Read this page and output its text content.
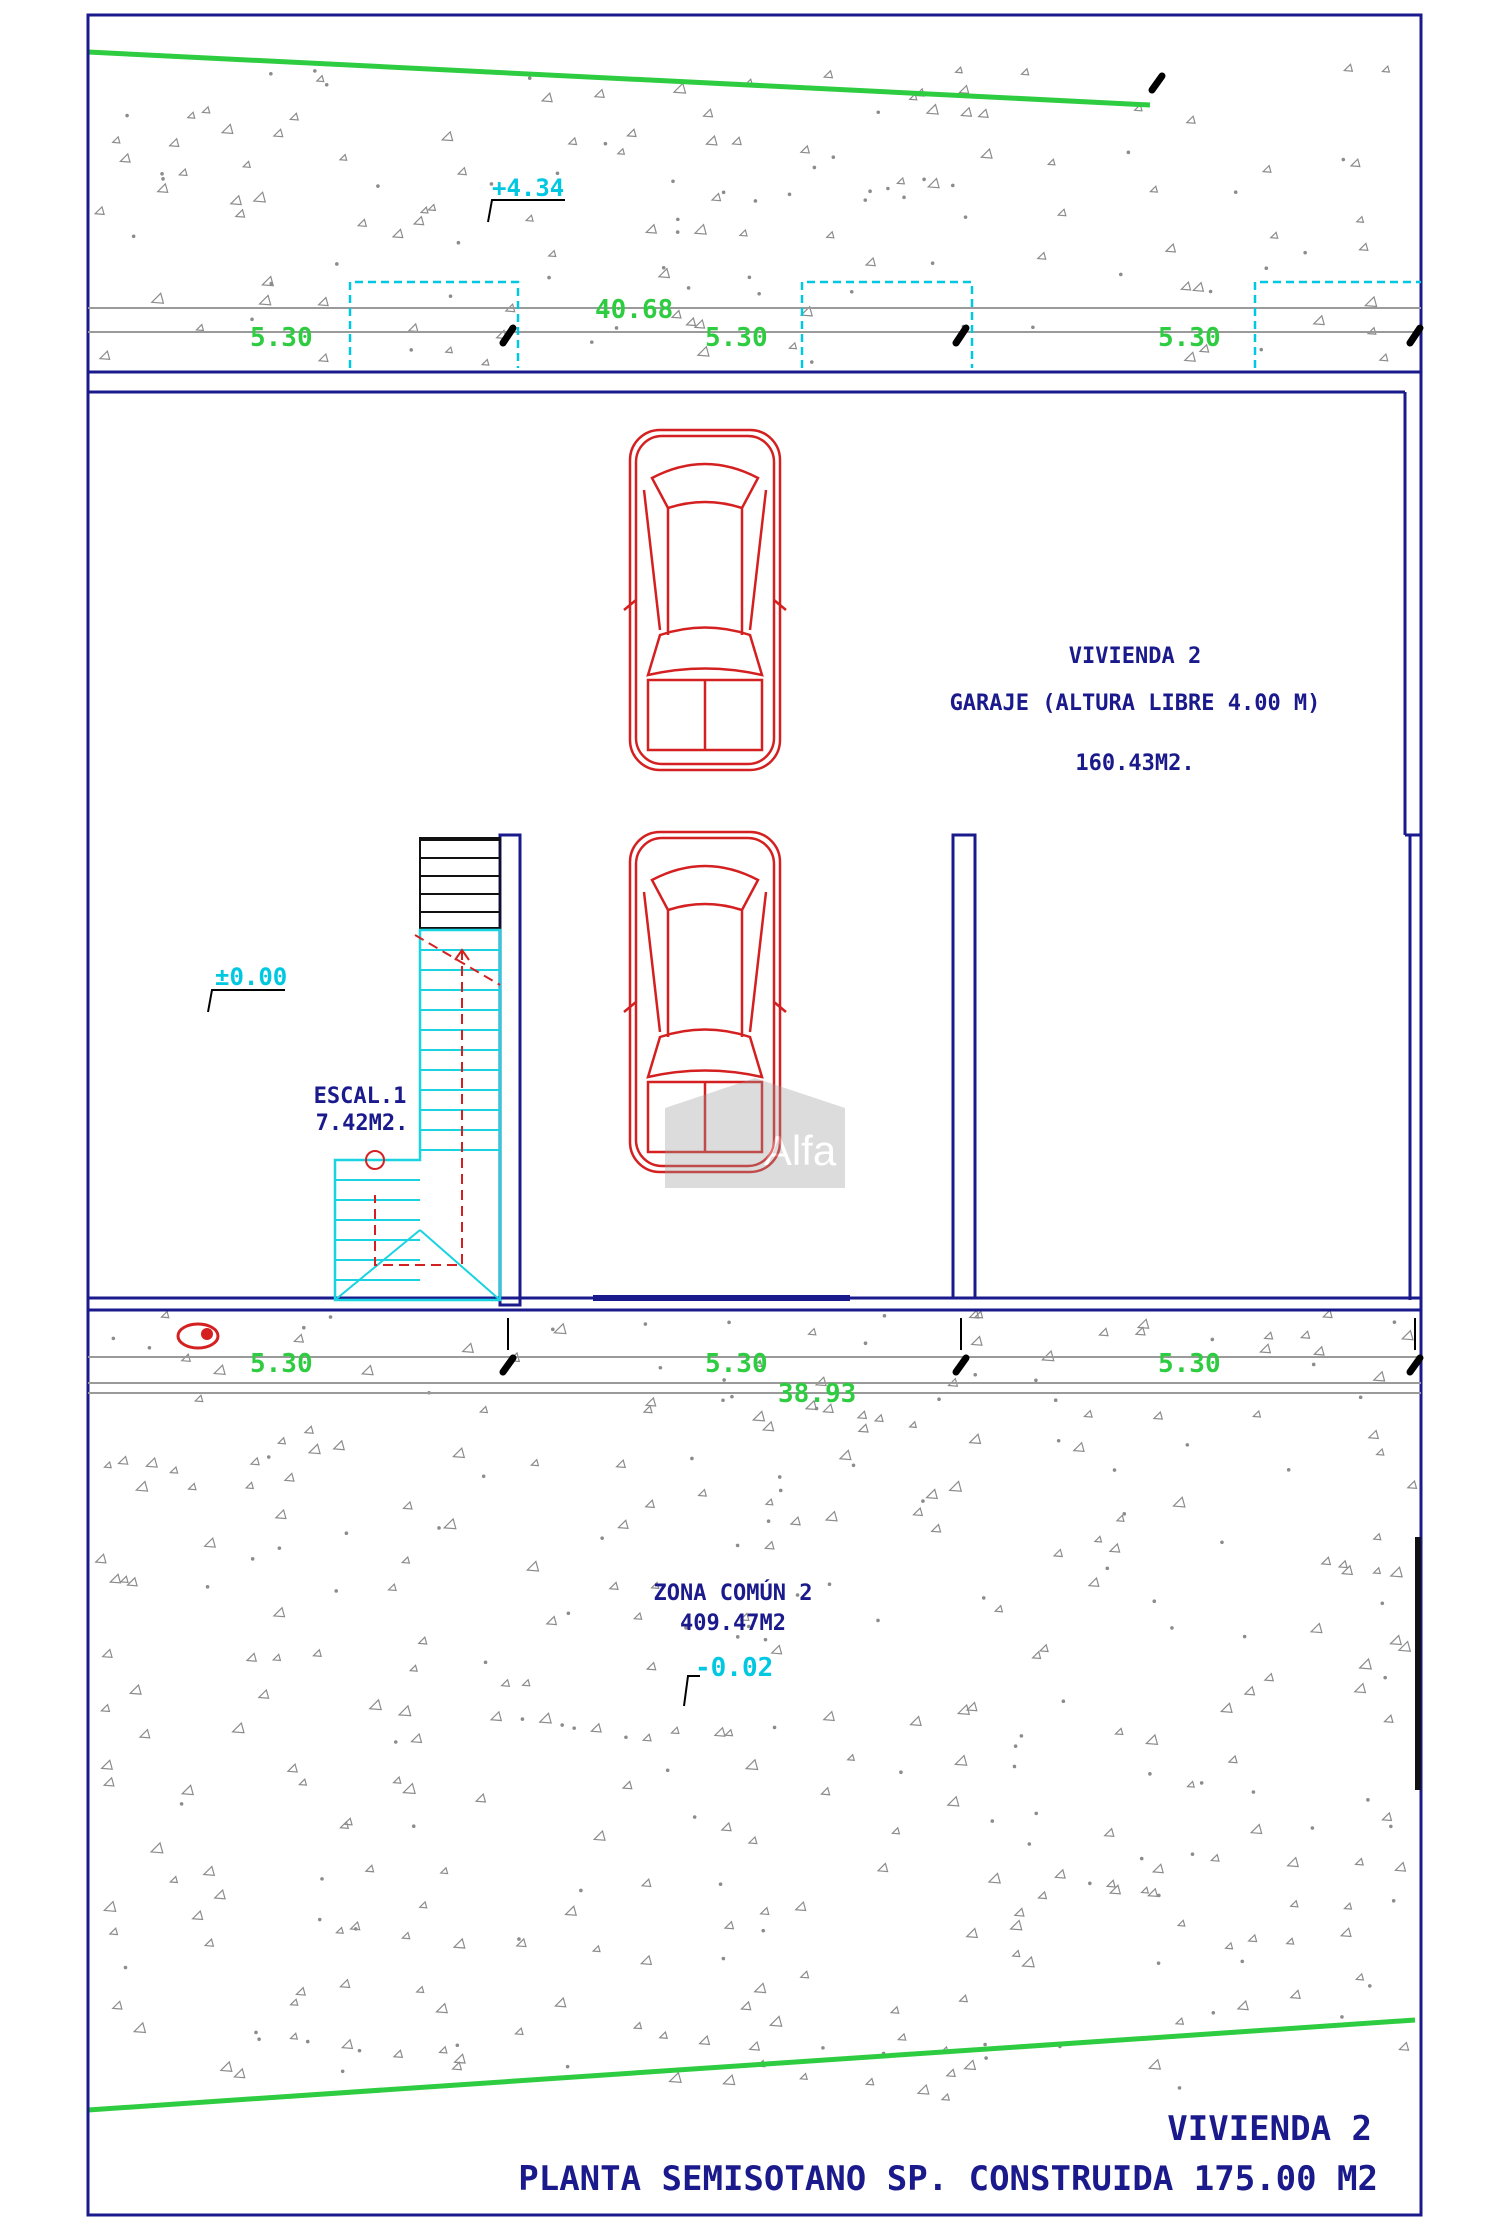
+4.34
40.68
5.30	5.30	5.30
VIVIENDA 2
GARAJE (ALTURA LIBRE 4.00 M)
160.43M2.
±0.00
ESCAL.1
7.42M2.
Alfa
5.30	5.30	5.30
38.93
ZONA COMÚN 2
409.47M2
-0.02
VIVIENDA 2
PLANTA SEMISOTANO SP. CONSTRUIDA 175.00 M2
